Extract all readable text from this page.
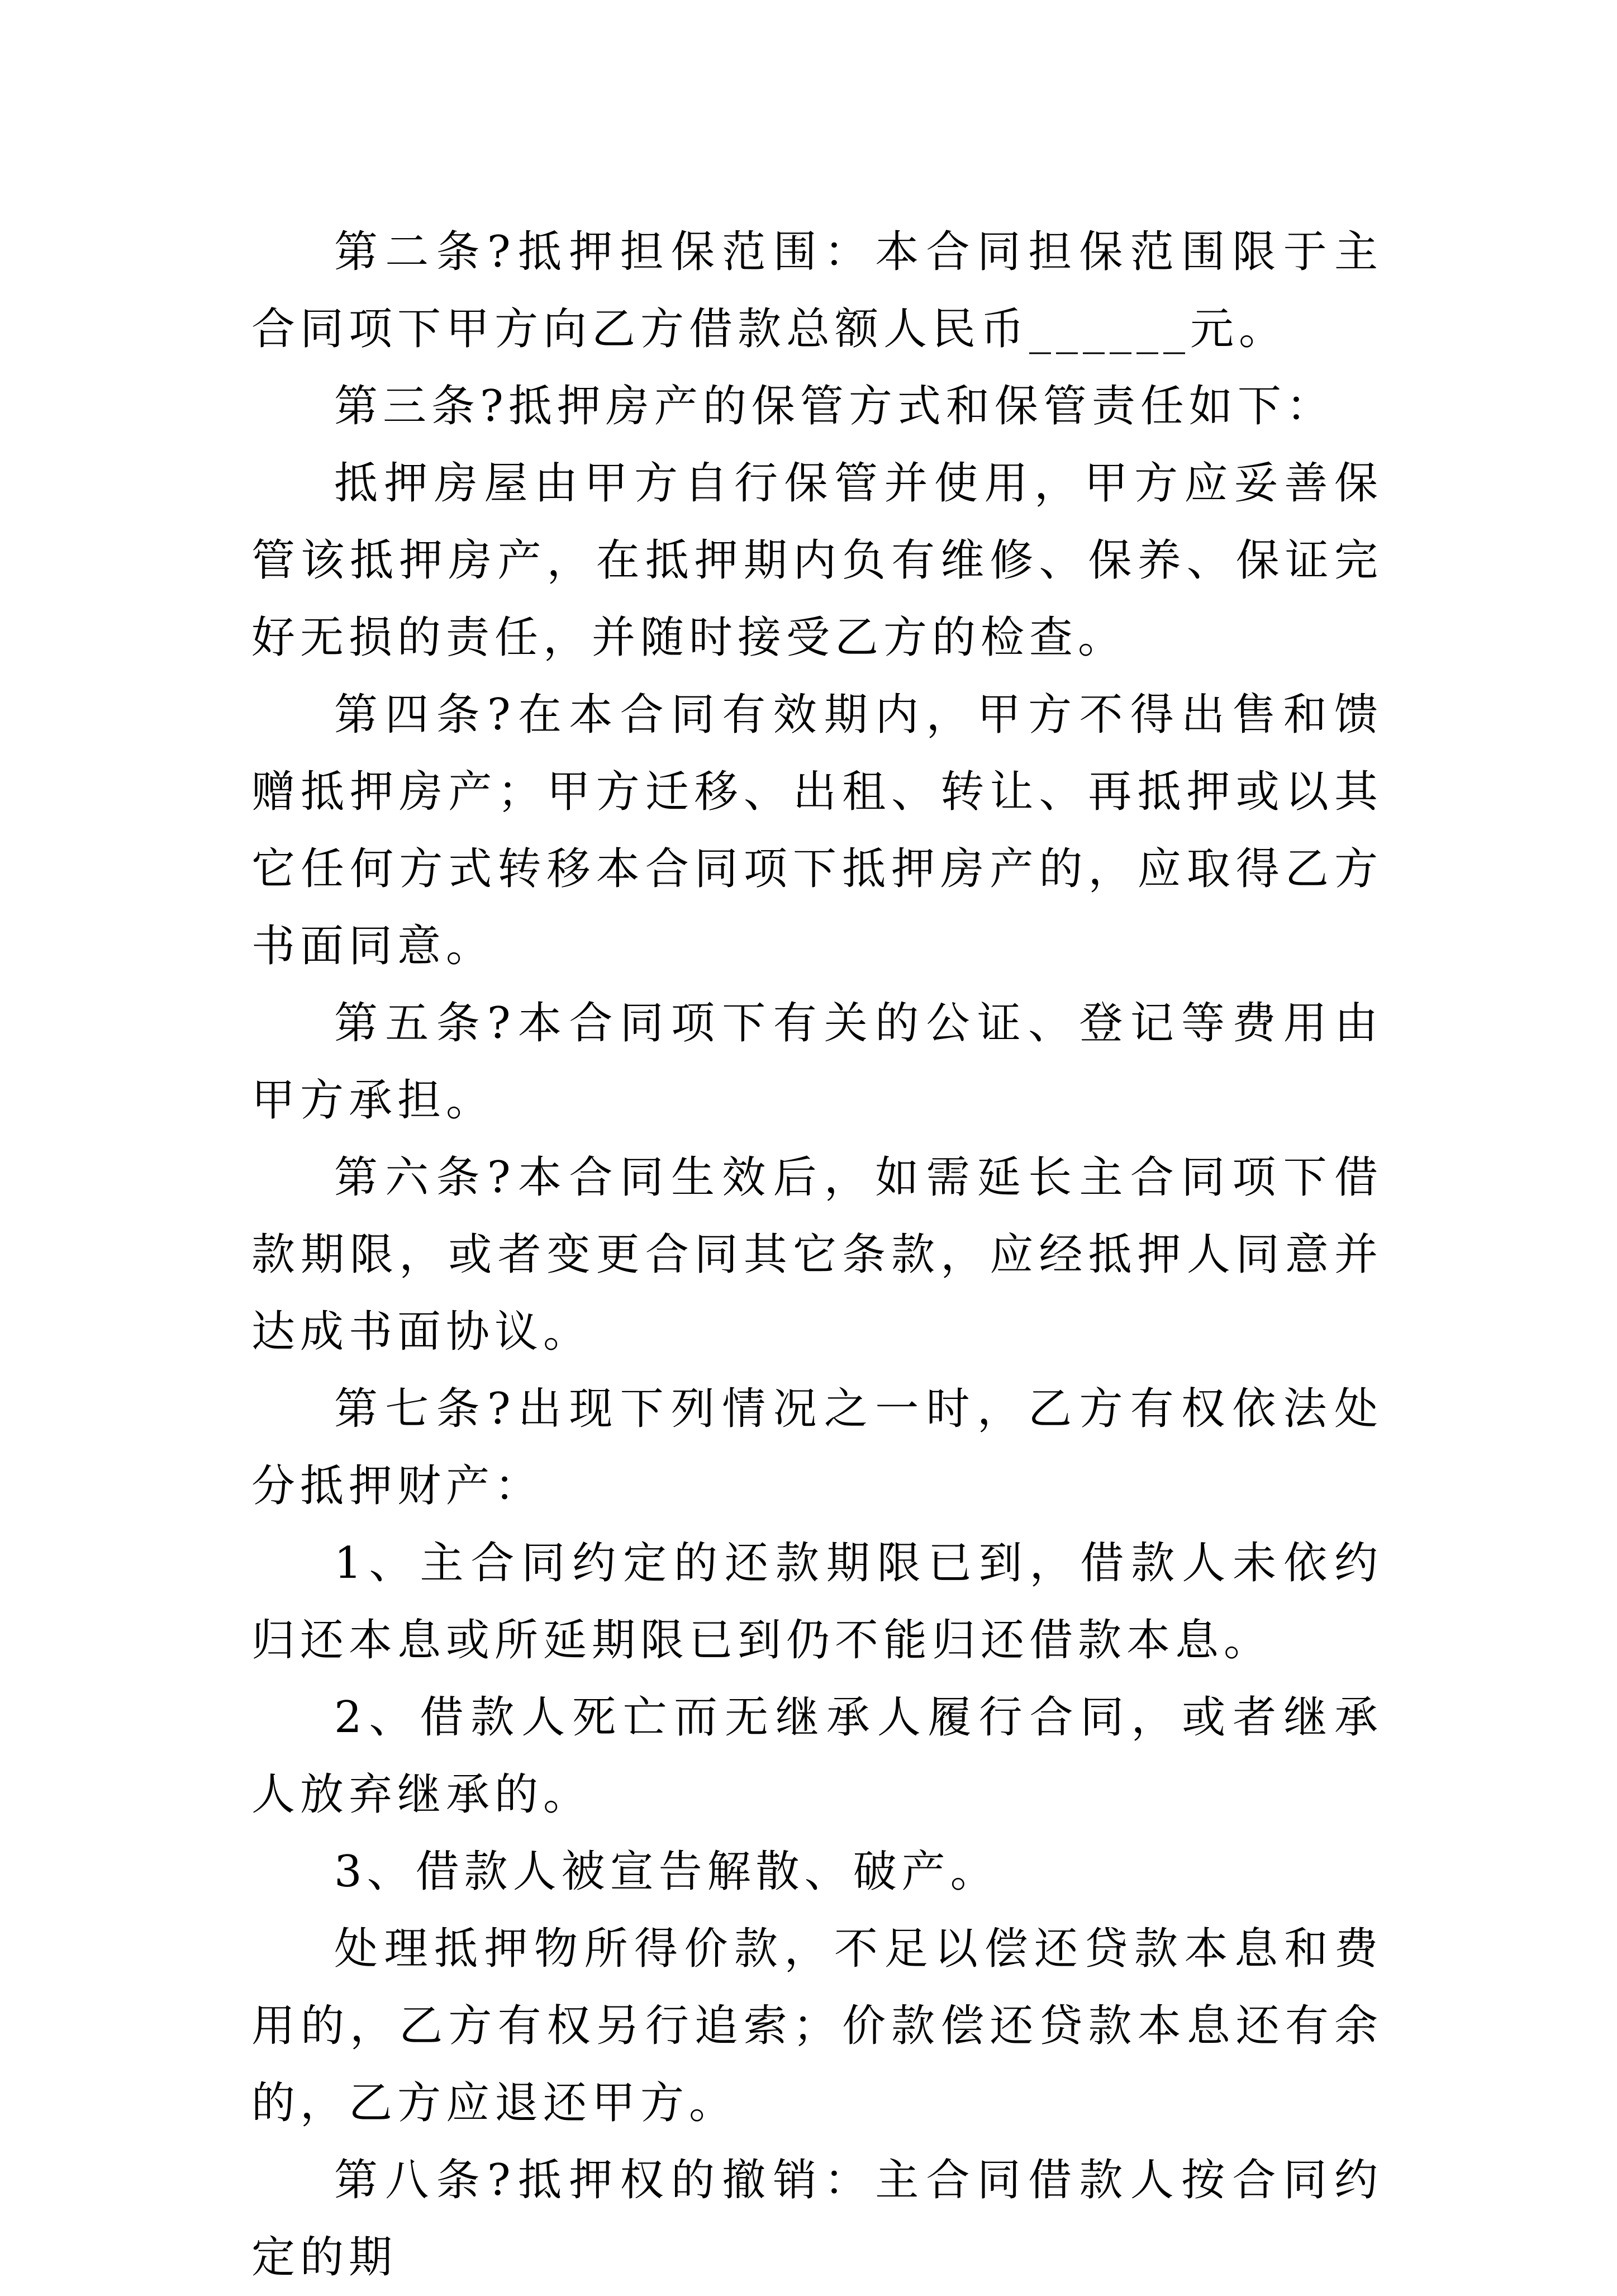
第二条?抵押担保范围：本合同担保范围限于主合同项下甲方向乙方借款总额人民币______元。

第三条?抵押房产的保管方式和保管责任如下：

抵押房屋由甲方自行保管并使用，甲方应妥善保管该抵押房产，在抵押期内负有维修、保养、保证完好无损的责任，并随时接受乙方的检查。

第四条?在本合同有效期内，甲方不得出售和馈赠抵押房产；甲方迁移、出租、转让、再抵押或以其它任何方式转移本合同项下抵押房产的，应取得乙方书面同意。

第五条?本合同项下有关的公证、登记等费用由甲方承担。

第六条?本合同生效后，如需延长主合同项下借款期限，或者变更合同其它条款，应经抵押人同意并达成书面协议。

第七条?出现下列情况之一时，乙方有权依法处分抵押财产：

1、主合同约定的还款期限已到，借款人未依约归还本息或所延期限已到仍不能归还借款本息。

2、借款人死亡而无继承人履行合同，或者继承人放弃继承的。

3、借款人被宣告解散、破产。

处理抵押物所得价款，不足以偿还贷款本息和费用的，乙方有权另行追索；价款偿还贷款本息还有余的，乙方应退还甲方。

第八条?抵押权的撤销：主合同借款人按合同约定的期
